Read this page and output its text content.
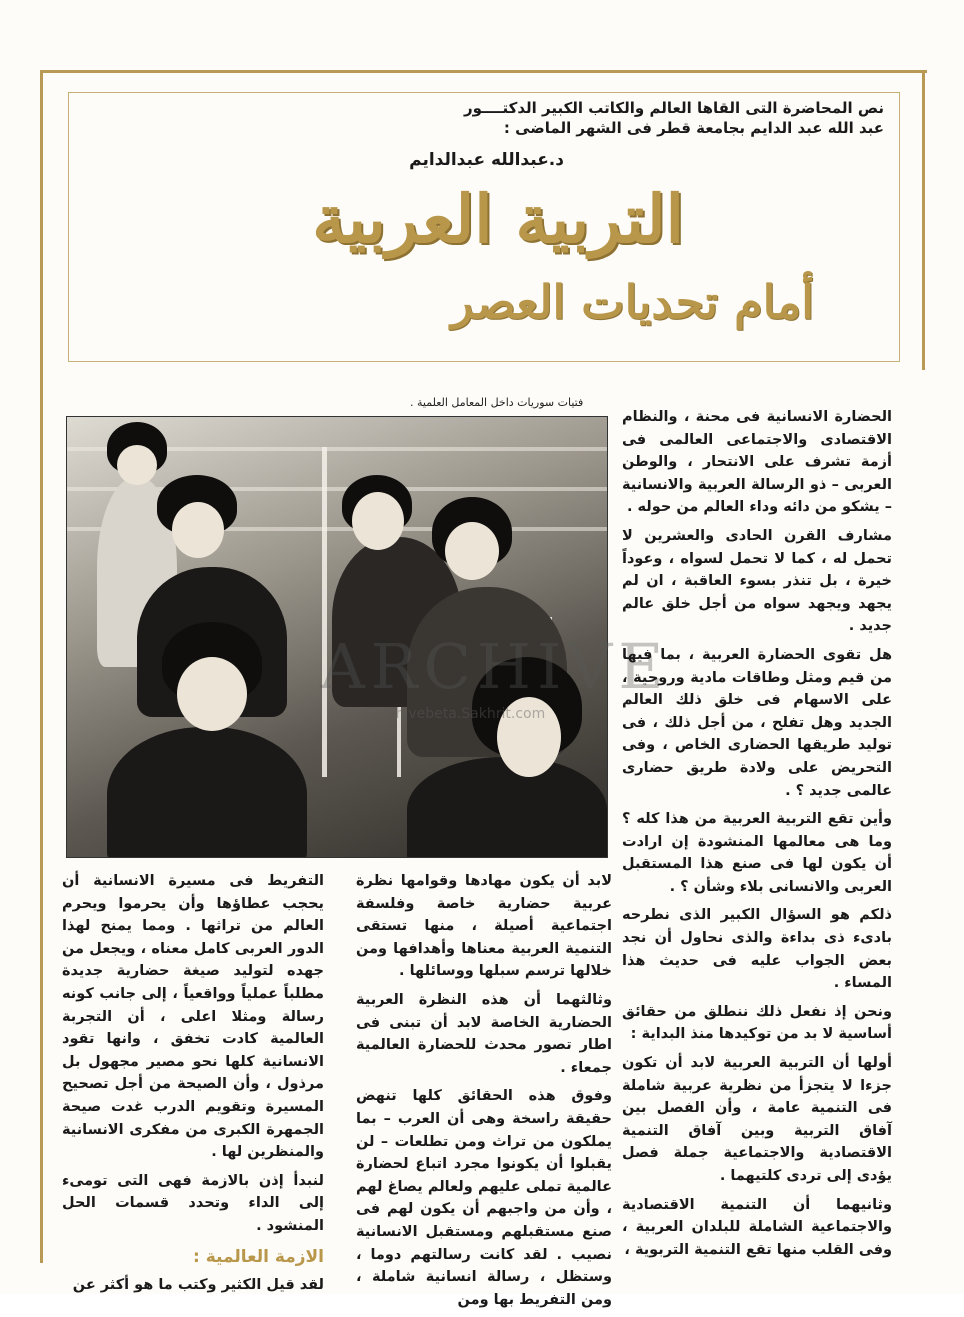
نص المحاضرة التى القاها العالم والكاتب الكبير الدكتــــور
عبد الله عبد الدايم بجامعة قطر فى الشهر الماضى :
د.عبدالله عبدالدايم
التربية العربية
أمام تحديات العصر
فتيات سوريات داخل المعامل العلمية .
ARCHIVE
http://Archivebeta.Sakhrit.com

الحضارة الانسانية فى محنة ، والنظام الاقتصادى والاجتماعى العالمى فى أزمة تشرف على الانتحار ، والوطن العربى – ذو الرسالة العربية والانسانية – يشكو من دائه وداء العالم من حوله .

مشارف القرن الحادى والعشرين لا تحمل له ، كما لا تحمل لسواه ، وعوداً خيرة ، بل تنذر بسوء العاقبة ، ان لم يجهد ويجهد سواه من أجل خلق عالم جديد .

هل تقوى الحضارة العربية ، بما فيها من قيم ومثل وطاقات مادية وروحية ، على الاسهام فى خلق ذلك العالم الجديد وهل تفلح ، من أجل ذلك ، فى توليد طريقها الحضارى الخاص ، وفى التحريض على ولادة طريق حضارى عالمى جديد ؟ .

وأين تقع التربية العربية من هذا كله ؟ وما هى معالمها المنشودة إن ارادت أن يكون لها فى صنع هذا المستقبل العربى والانسانى بلاء وشأن ؟ .

ذلكم هو السؤال الكبير الذى نطرحه بادىء ذى بداءة والذى نحاول أن نجد بعض الجواب عليه فى حديث هذا المساء .

ونحن إذ نفعل ذلك ننطلق من حقائق أساسية لا بد من توكيدها منذ البداية :

أولها أن التربية العربية لابد أن تكون جزءا لا يتجزأ من نظرية عربية شاملة فى التنمية عامة ، وأن الفصل بين آفاق التربية وبين آفاق التنمية الاقتصادية والاجتماعية جملة فصل يؤدى إلى تردى كلتيهما .

وثانيهما أن التنمية الاقتصادية والاجتماعية الشاملة للبلدان العربية ، وفى القلب منها تقع التنمية التربوية ،

لابد أن يكون مهادها وقوامها نظرة عربية حضارية خاصة وفلسفة اجتماعية أصيلة ، منها تستقى التنمية العربية معناها وأهدافها ومن خلالها ترسم سبلها ووسائلها .

وثالثهما أن هذه النظرة العربية الحضارية الخاصة لابد أن تبنى فى اطار تصور محدث للحضارة العالمية جمعاء .

وفوق هذه الحقائق كلها تنهض حقيقة راسخة وهى أن العرب – بما يملكون من تراث ومن تطلعات – لن يقبلوا أن يكونوا مجرد اتباع لحضارة عالمية تملى عليهم ولعالم يصاغ لهم ، وأن من واجبهم أن يكون لهم فى صنع مستقبلهم ومستقبل الانسانية نصيب . لقد كانت رسالتهم دوما ، وستظل ، رسالة انسانية شاملة ، ومن التفريط بها ومن

التفريط فى مسيرة الانسانية أن يحجب عطاؤها وأن يحرموا ويحرم العالم من تراثها . ومما يمنح لهذا الدور العربى كامل معناه ، ويجعل من جهده لتوليد صيغة حضارية جديدة مطلباً عملياً وواقعياً ، إلى جانب كونه رسالة ومثلا اعلى ، أن التجربة العالمية كادت تخفق ، وانها تقود الانسانية كلها نحو مصير مجهول بل مرذول ، وأن الصيحة من أجل تصحيح المسيرة وتقويم الدرب غدت صيحة الجمهرة الكبرى من مفكرى الانسانية والمنظرين لها .

لنبدأ إذن بالازمة فهى التى تومىء إلى الداء وتحدد قسمات الحل المنشود .

الازمة العالمية :

لقد قيل الكثير وكتب ما هو أكثر عن
